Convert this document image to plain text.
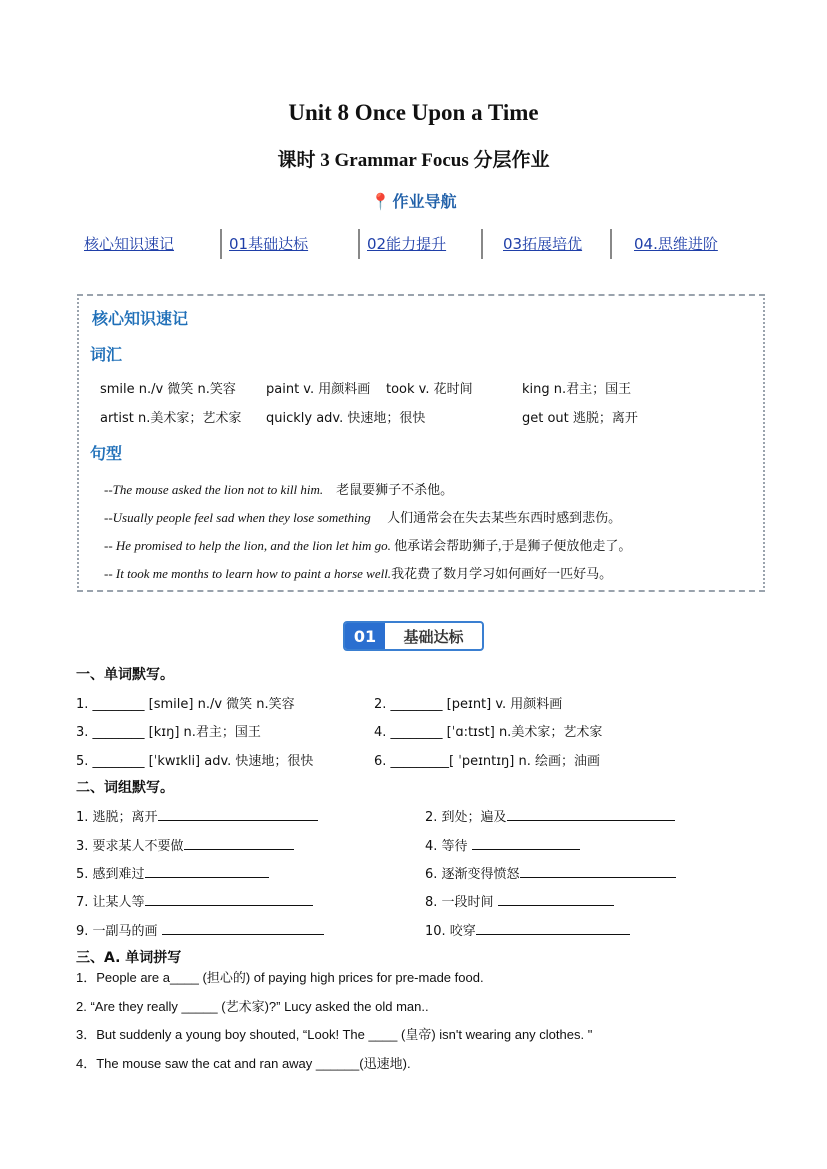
Unit 8 Once Upon a Time
课时 3 Grammar Focus 分层作业
📍 作业导航
核心知识速记	01基础达标	02能力提升	03拓展培优	04.思维进阶
核心知识速记
词汇
smile n./v 微笑 n.笑容 paint v. 用颜料画 took v. 花时间	king n.君主；国王
artist n.美术家；艺术家 quickly adv. 快速地；很快	get out 逃脱；离开
句型
--The mouse asked the lion not to kill him. 老鼠要狮子不杀他。
--Usually people feel sad when they lose something 人们通常会在失去某些东西时感到悲伤。
-- He promised to help the lion, and the lion let him go. 他承诺会帮助狮子,于是狮子便放他走了。
-- It took me months to learn how to paint a horse well.我花费了数月学习如何画好一匹好马。
01	基础达标
一、单词默写。
1. ________ [smile] n./v 微笑 n.笑容	2. ________ [peɪnt] v. 用颜料画
3. ________ [kɪŋ] n.君主；国王	4. ________ [ˈɑ:tɪst] n.美术家；艺术家
5. ________ [ˈkwɪkli] adv. 快速地；很快	6. _________[ ˈpeɪntɪŋ] n. 绘画；油画
二、词组默写。
1. 逃脱；离开	2. 到处；遍及
3. 要求某人不要做	4. 等待
5. 感到难过	6. 逐渐变得愤怒
7. 让某人等	8. 一段时间
9. 一副马的画	10. 咬穿
三、A. 单词拼写
1．People are a____ (担心的) of paying high prices for pre-made food.
2. “Are they really _____ (艺术家)?” Lucy asked the old man..
3．But suddenly a young boy shouted, “Look! The ____ (皇帝) isn't wearing any clothes. "
4．The mouse saw the cat and ran away ______(迅速地).
